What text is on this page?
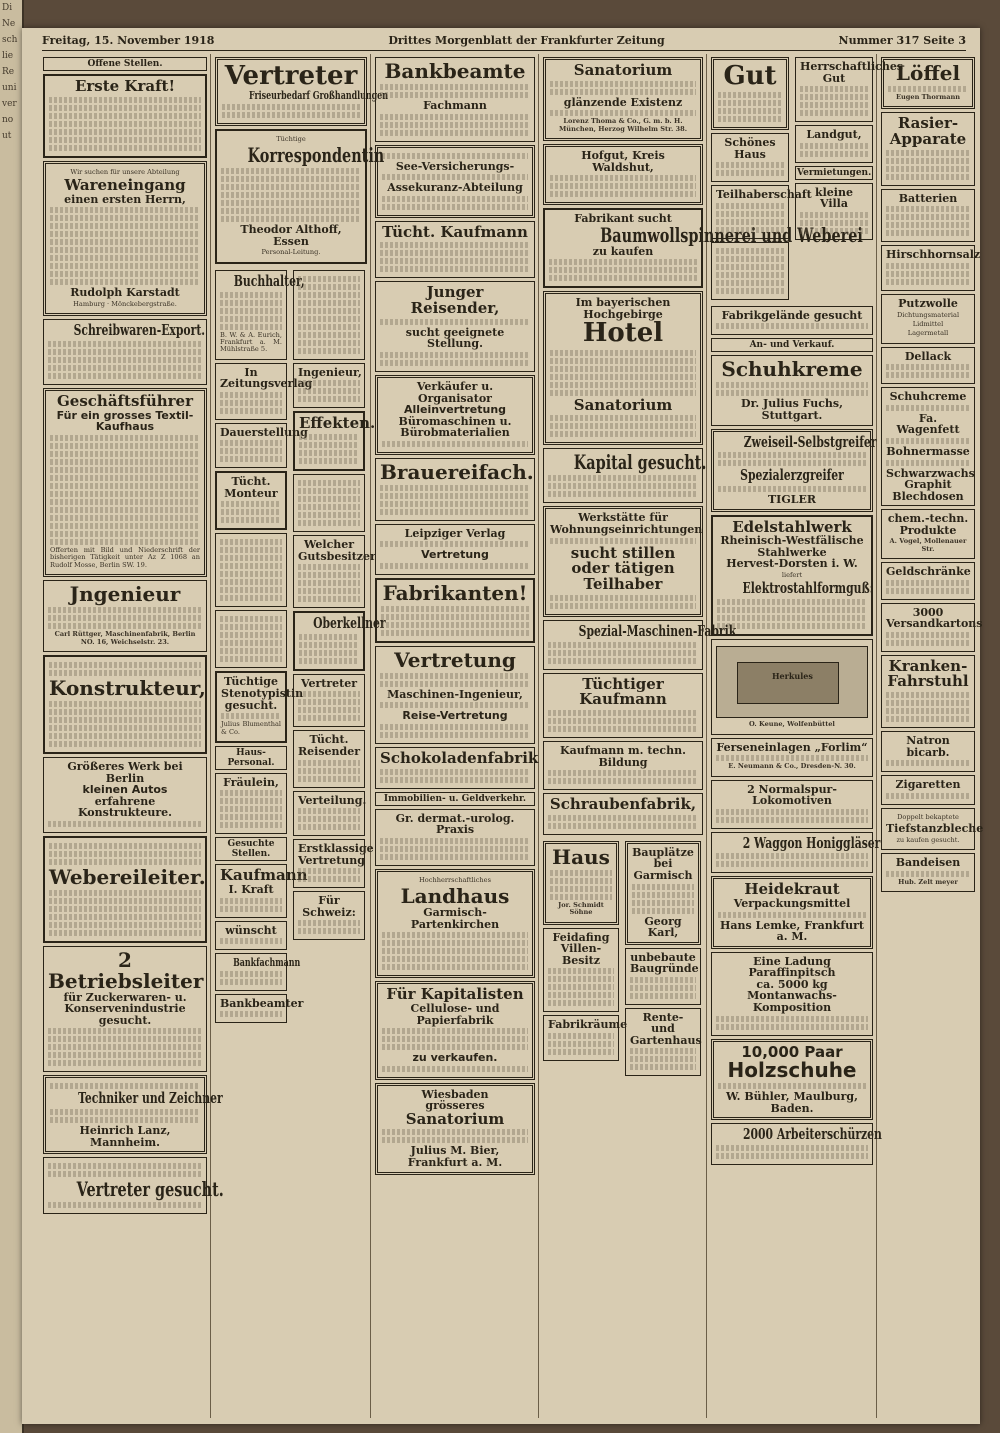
Di
Ne
sch
lie
Re
uni
ver
no
ut
Freitag, 15. November 1918	Drittes Morgenblatt der Frankfurter Zeitung	Nummer 317 Seite 3
Offene Stellen.
Erste Kraft!
Wir suchen für unsere Abteilung
Wareneingang
einen ersten Herrn,
Rudolph Karstadt
Hamburg · Mönckebergstraße.
Schreibwaren-Export.
Geschäftsführer
Für ein grosses Textil-Kaufhaus
Offerten mit Bild und Niederschrift der bisherigen Tätigkeit unter Az Z 1068 an Rudolf Mosse, Berlin SW. 19.
Jngenieur
Carl Rüttger, Maschinenfabrik, Berlin NO. 16, Weichselstr. 23.
Konstrukteur,
Größeres Werk bei Berlin
kleinen Autos
erfahrene Konstrukteure.
Webereileiter.
2 Betriebsleiter
für Zuckerwaren- u. Konservenindustrie
gesucht.
Techniker und Zeichner
Heinrich Lanz, Mannheim.
Vertreter gesucht.
Vertreter
Friseurbedarf Großhandlungen
Tüchtige
Korrespondentin
Theodor Althoff, Essen
Personal-Leitung.
Buchhalter,
B. W. & A. Eurich, Frankfurt a. M. Mühlstraße 5.
In Zeitungsverlag
Dauerstellung
Tücht. Monteur
Tüchtige Stenotypistin gesucht.
Julius Blumenthal & Co.
Haus-Personal.
Fräulein,
Gesuchte Stellen.
Kaufmann
I. Kraft
wünscht
Bankfachmann
Bankbeamter
Ingenieur,
Effekten.
Welcher Gutsbesitzer
Oberkellner
Vertreter
Tücht. Reisender
Verteilung.
Erstklassige Vertretung
Für Schweiz:
Bankbeamte
Fachmann
See-Versicherungs-
Assekuranz-Abteilung
Tücht. Kaufmann
Junger Reisender,
sucht geeignete Stellung.
Verkäufer u. Organisator
Alleinvertretung
Büromaschinen u. Bürobmaterialien
Brauereifach.
Leipziger Verlag
Vertretung
Fabrikanten!
Vertretung
Maschinen-Ingenieur,
Reise-Vertretung
Schokoladenfabrik
Immobilien- u. Geldverkehr.
Gr. dermat.-urolog. Praxis
Hochherrschaftliches
Landhaus
Garmisch-Partenkirchen
Für Kapitalisten
Cellulose- und Papierfabrik
zu verkaufen.
Wiesbaden
grösseres
Sanatorium
Julius M. Bier, Frankfurt a. M.
Sanatorium
glänzende Existenz
Lorenz Thoma & Co., G. m. b. H. München, Herzog Wilhelm Str. 38.
Hofgut, Kreis Waldshut,
Fabrikant sucht
Baumwollspinnerei und Weberei
zu kaufen
Im bayerischen Hochgebirge
Hotel
Sanatorium
Kapital gesucht.
Werkstätte für Wohnungseinrichtungen
sucht stillen oder tätigen Teilhaber
Spezial-Maschinen-Fabrik
Tüchtiger Kaufmann
Kaufmann m. techn. Bildung
Schraubenfabrik,
Haus
Jor. Schmidt Söhne
Feidafing
Villen-Besitz
Fabrikräume
Bauplätze bei Garmisch
Georg Karl,
unbebaute Baugründe
Rente- und Gartenhaus
Gut
Schönes Haus
Teilhaberschaft
Herrschaftliches Gut
Landgut,
Vermietungen.
kleine Villa
Fabrikgelände gesucht
An- und Verkauf.
Schuhkreme
Dr. Julius Fuchs, Stuttgart.
Zweiseil-Selbstgreifer
Spezialerzgreifer
TIGLER
Edelstahlwerk
Rheinisch-Westfälische Stahlwerke
Hervest-Dorsten i. W.
liefert
Elektrostahlformguß:
Herkules
O. Keune, Wolfenbüttel
Ferseneinlagen „Forlim“
E. Neumann & Co., Dresden-N. 30.
2 Normalspur-Lokomotiven
2 Waggon Honiggläser
Heidekraut
Verpackungsmittel
Hans Lemke, Frankfurt a. M.
Eine Ladung Paraffinpitsch
ca. 5000 kg Montanwachs-Komposition
10,000 Paar
Holzschuhe
W. Bühler, Maulburg, Baden.
2000 Arbeiterschürzen
Löffel
Eugen Thormann
Rasier-Apparate
Batterien
Hirschhornsalz
Putzwolle
Dichtungsmaterial
Lidmittel
Lagermetall
Dellack
Schuhcreme
Fa. Wagenfett
Bohnermasse
Schwarzwachs
Graphit
Blechdosen
chem.-techn. Produkte
A. Vogel, Mollenauer Str.
Geldschränke
3000 Versandkartons
Kranken-Fahrstuhl
Natron bicarb.
Zigaretten
Doppelt bekaptete
Tiefstanzbleche
zu kaufen gesucht.
Bandeisen
Hub. Zelt meyer
